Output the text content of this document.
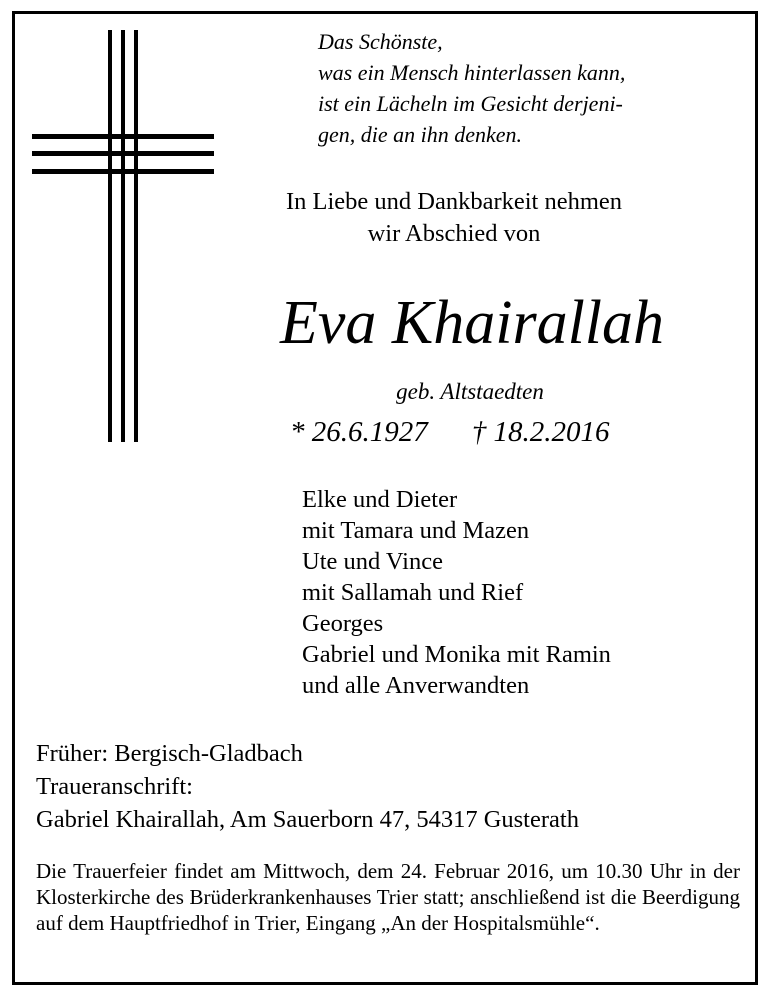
Das Schönste,
was ein Mensch hinterlassen kann,
ist ein Lächeln im Gesicht derjeni-
gen, die an ihn denken.
In Liebe und Dankbarkeit nehmen
wir Abschied von
Eva Khairallah
geb. Altstaedten
* 26.6.1927 † 18.2.2016
Elke und Dieter
mit Tamara und Mazen
Ute und Vince
mit Sallamah und Rief
Georges
Gabriel und Monika mit Ramin
und alle Anverwandten
Früher: Bergisch-Gladbach
Traueranschrift:
Gabriel Khairallah, Am Sauerborn 47, 54317 Gusterath
Die Trauerfeier findet am Mittwoch, dem 24. Februar 2016, um 10.30 Uhr in der Klosterkirche des Brüderkrankenhauses Trier statt; anschließend ist die Beerdigung auf dem Hauptfriedhof in Trier, Eingang „An der Hospitalsmühle“.
